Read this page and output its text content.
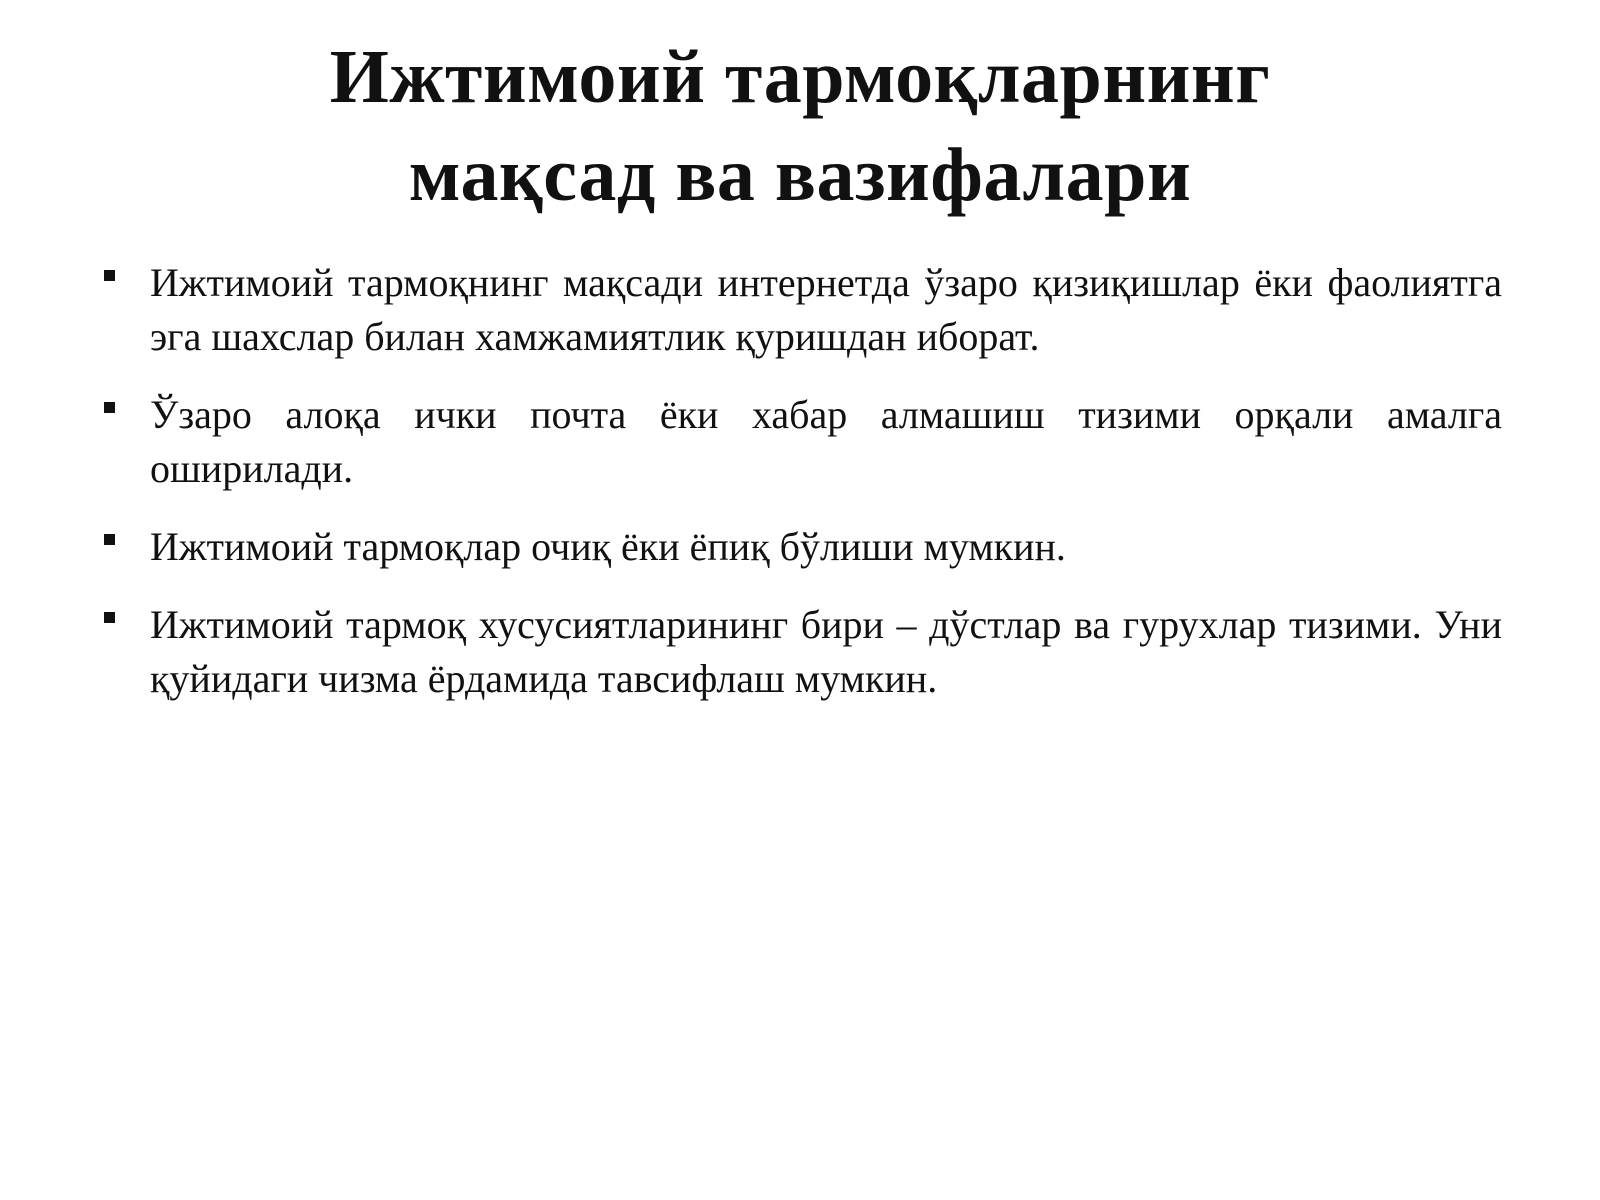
Ижтимоий тармоқларнинг
мақсад ва вазифалари
Ижтимоий тармоқнинг мақсади интернетда ўзаро қизиқишлар ёки фаолиятга эга шахслар билан хамжамиятлик қуришдан иборат.
Ўзаро алоқа ички почта ёки хабар алмашиш тизими орқали амалга оширилади.
Ижтимоий тармоқлар очиқ ёки ёпиқ бўлиши мумкин.
Ижтимоий тармоқ хусусиятларининг бири – дўстлар ва гурухлар тизими. Уни қуйидаги чизма ёрдамида тавсифлаш мумкин.
